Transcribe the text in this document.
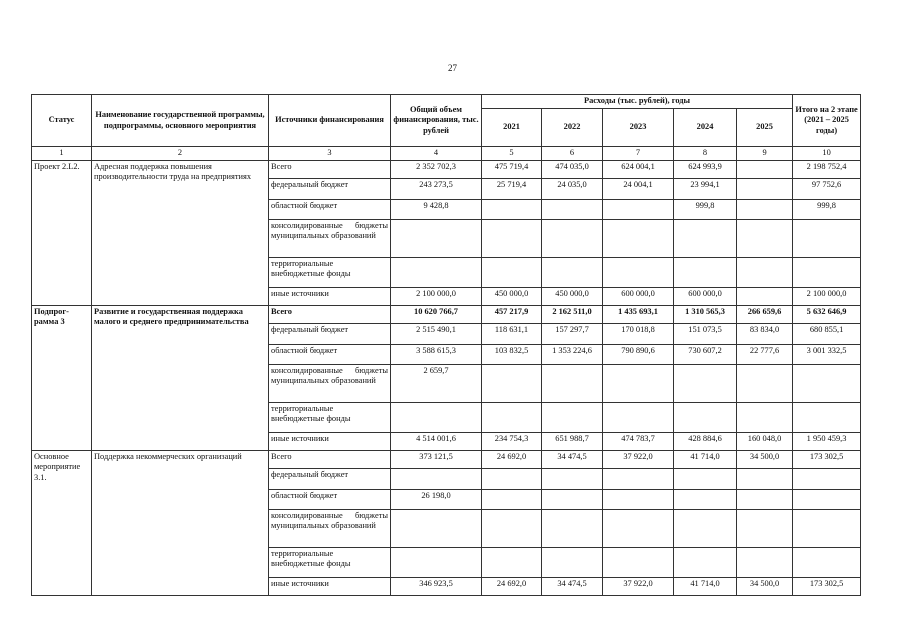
27
Статус	Наименование государственной программы, подпрограммы, основного мероприятия	Источники финансирования	Общий объем финансирования, тыс. рублей	Расходы (тыс. рублей), годы					Итого на 2 этапе (2021 – 2025 годы)
				2021	2022	2023	2024	2025	
1	2	3	4	5	6	7	8	9	10
Проект 2.L2.	Адресная поддержка повышения производительности труда на предприятиях	Всего	2 352 702,3	475 719,4	474 035,0	624 004,1	624 993,9		2 198 752,4
		федеральный бюджет	243 273,5	25 719,4	24 035,0	24 004,1	23 994,1		97 752,6
		областной бюджет	9 428,8				999,8		999,8
		консолидированные бюджеты муниципальных образований							
		территориальные внебюджетные фонды							
		иные источники	2 100 000,0	450 000,0	450 000,0	600 000,0	600 000,0		2 100 000,0
Подпрог-рамма 3	Развитие и государственная поддержка малого и среднего предпринимательства	Всего	10 620 766,7	457 217,9	2 162 511,0	1 435 693,1	1 310 565,3	266 659,6	5 632 646,9
		федеральный бюджет	2 515 490,1	118 631,1	157 297,7	170 018,8	151 073,5	83 834,0	680 855,1
		областной бюджет	3 588 615,3	103 832,5	1 353 224,6	790 890,6	730 607,2	22 777,6	3 001 332,5
		консолидированные бюджеты муниципальных образований	2 659,7						
		территориальные внебюджетные фонды							
		иные источники	4 514 001,6	234 754,3	651 988,7	474 783,7	428 884,6	160 048,0	1 950 459,3
Основное мероприятие 3.1.	Поддержка некоммерческих организаций	Всего	373 121,5	24 692,0	34 474,5	37 922,0	41 714,0	34 500,0	173 302,5
		федеральный бюджет							
		областной бюджет	26 198,0						
		консолидированные бюджеты муниципальных образований							
		территориальные внебюджетные фонды							
		иные источники	346 923,5	24 692,0	34 474,5	37 922,0	41 714,0	34 500,0	173 302,5
